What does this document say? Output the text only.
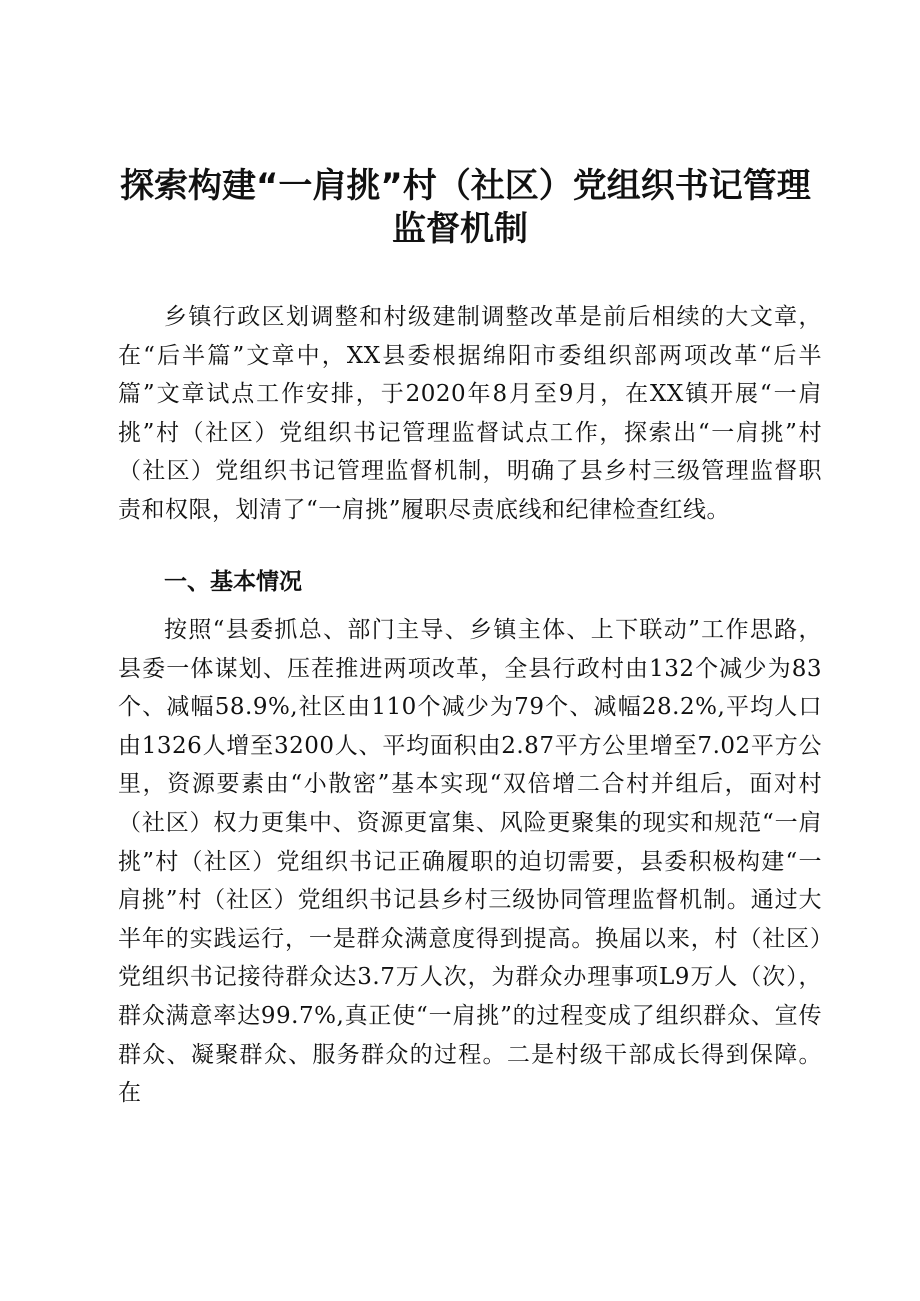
探索构建“一肩挑”村（社区）党组织书记管理
监督机制

乡镇行政区划调整和村级建制调整改革是前后相续的大文章，在“后半篇”文章中，XX县委根据绵阳市委组织部两项改革“后半篇”文章试点工作安排，于2020年8月至9月，在XX镇开展“一肩挑”村（社区）党组织书记管理监督试点工作，探索出“一肩挑”村（社区）党组织书记管理监督机制，明确了县乡村三级管理监督职责和权限，划清了“一肩挑”履职尽责底线和纪律检查红线。

一、基本情况

按照“县委抓总、部门主导、乡镇主体、上下联动”工作思路，县委一体谋划、压茬推进两项改革，全县行政村由132个减少为83个、减幅58.9%,社区由110个减少为79个、减幅28.2%,平均人口由1326人增至3200人、平均面积由2.87平方公里增至7.02平方公里，资源要素由“小散密”基本实现“双倍增二合村并组后，面对村（社区）权力更集中、资源更富集、风险更聚集的现实和规范“一肩挑”村（社区）党组织书记正确履职的迫切需要，县委积极构建“一肩挑”村（社区）党组织书记县乡村三级协同管理监督机制。通过大半年的实践运行，一是群众满意度得到提高。换届以来，村（社区）党组织书记接待群众达3.7万人次，为群众办理事项L9万人（次），群众满意率达99.7%,真正使“一肩挑”的过程变成了组织群众、宣传群众、凝聚群众、服务群众的过程。二是村级干部成长得到保障。在
